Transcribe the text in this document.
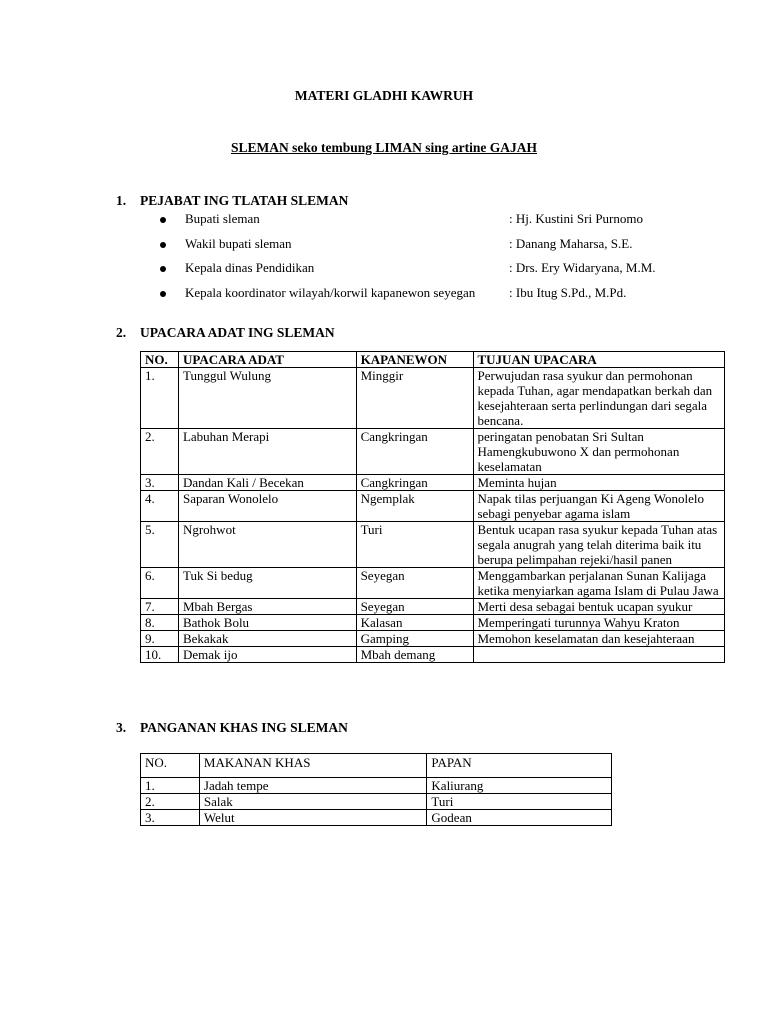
MATERI GLADHI KAWRUH
SLEMAN seko tembung LIMAN sing artine GAJAH
1. PEJABAT ING TLATAH SLEMAN
Bupati sleman	: Hj. Kustini Sri Purnomo
Wakil bupati sleman	: Danang Maharsa, S.E.
Kepala dinas Pendidikan	: Drs. Ery Widaryana, M.M.
Kepala koordinator wilayah/korwil kapanewon seyegan	: Ibu Itug S.Pd., M.Pd.
2. UPACARA ADAT ING SLEMAN
NO.	UPACARA ADAT	KAPANEWON	TUJUAN UPACARA
1.	Tunggul Wulung	Minggir	Perwujudan rasa syukur dan permohonan kepada Tuhan, agar mendapatkan berkah dan kesejahteraan serta perlindungan dari segala bencana.
2.	Labuhan Merapi	Cangkringan	peringatan penobatan Sri Sultan Hamengkubuwono X dan permohonan keselamatan
3.	Dandan Kali / Becekan	Cangkringan	Meminta hujan
4.	Saparan Wonolelo	Ngemplak	Napak tilas perjuangan Ki Ageng Wonolelo sebagi penyebar agama islam
5.	Ngrohwot	Turi	Bentuk ucapan rasa syukur kepada Tuhan atas segala anugrah yang telah diterima baik itu berupa pelimpahan rejeki/hasil panen
6.	Tuk Si bedug	Seyegan	Menggambarkan perjalanan Sunan Kalijaga ketika menyiarkan agama Islam di Pulau Jawa
7.	Mbah Bergas	Seyegan	Merti desa sebagai bentuk ucapan syukur
8.	Bathok Bolu	Kalasan	Memperingati turunnya Wahyu Kraton
9.	Bekakak	Gamping	Memohon keselamatan dan kesejahteraan
10.	Demak ijo	Mbah demang	
3. PANGANAN KHAS ING SLEMAN
NO.	MAKANAN KHAS	PAPAN
1.	Jadah tempe	Kaliurang
2.	Salak	Turi
3.	Welut	Godean
